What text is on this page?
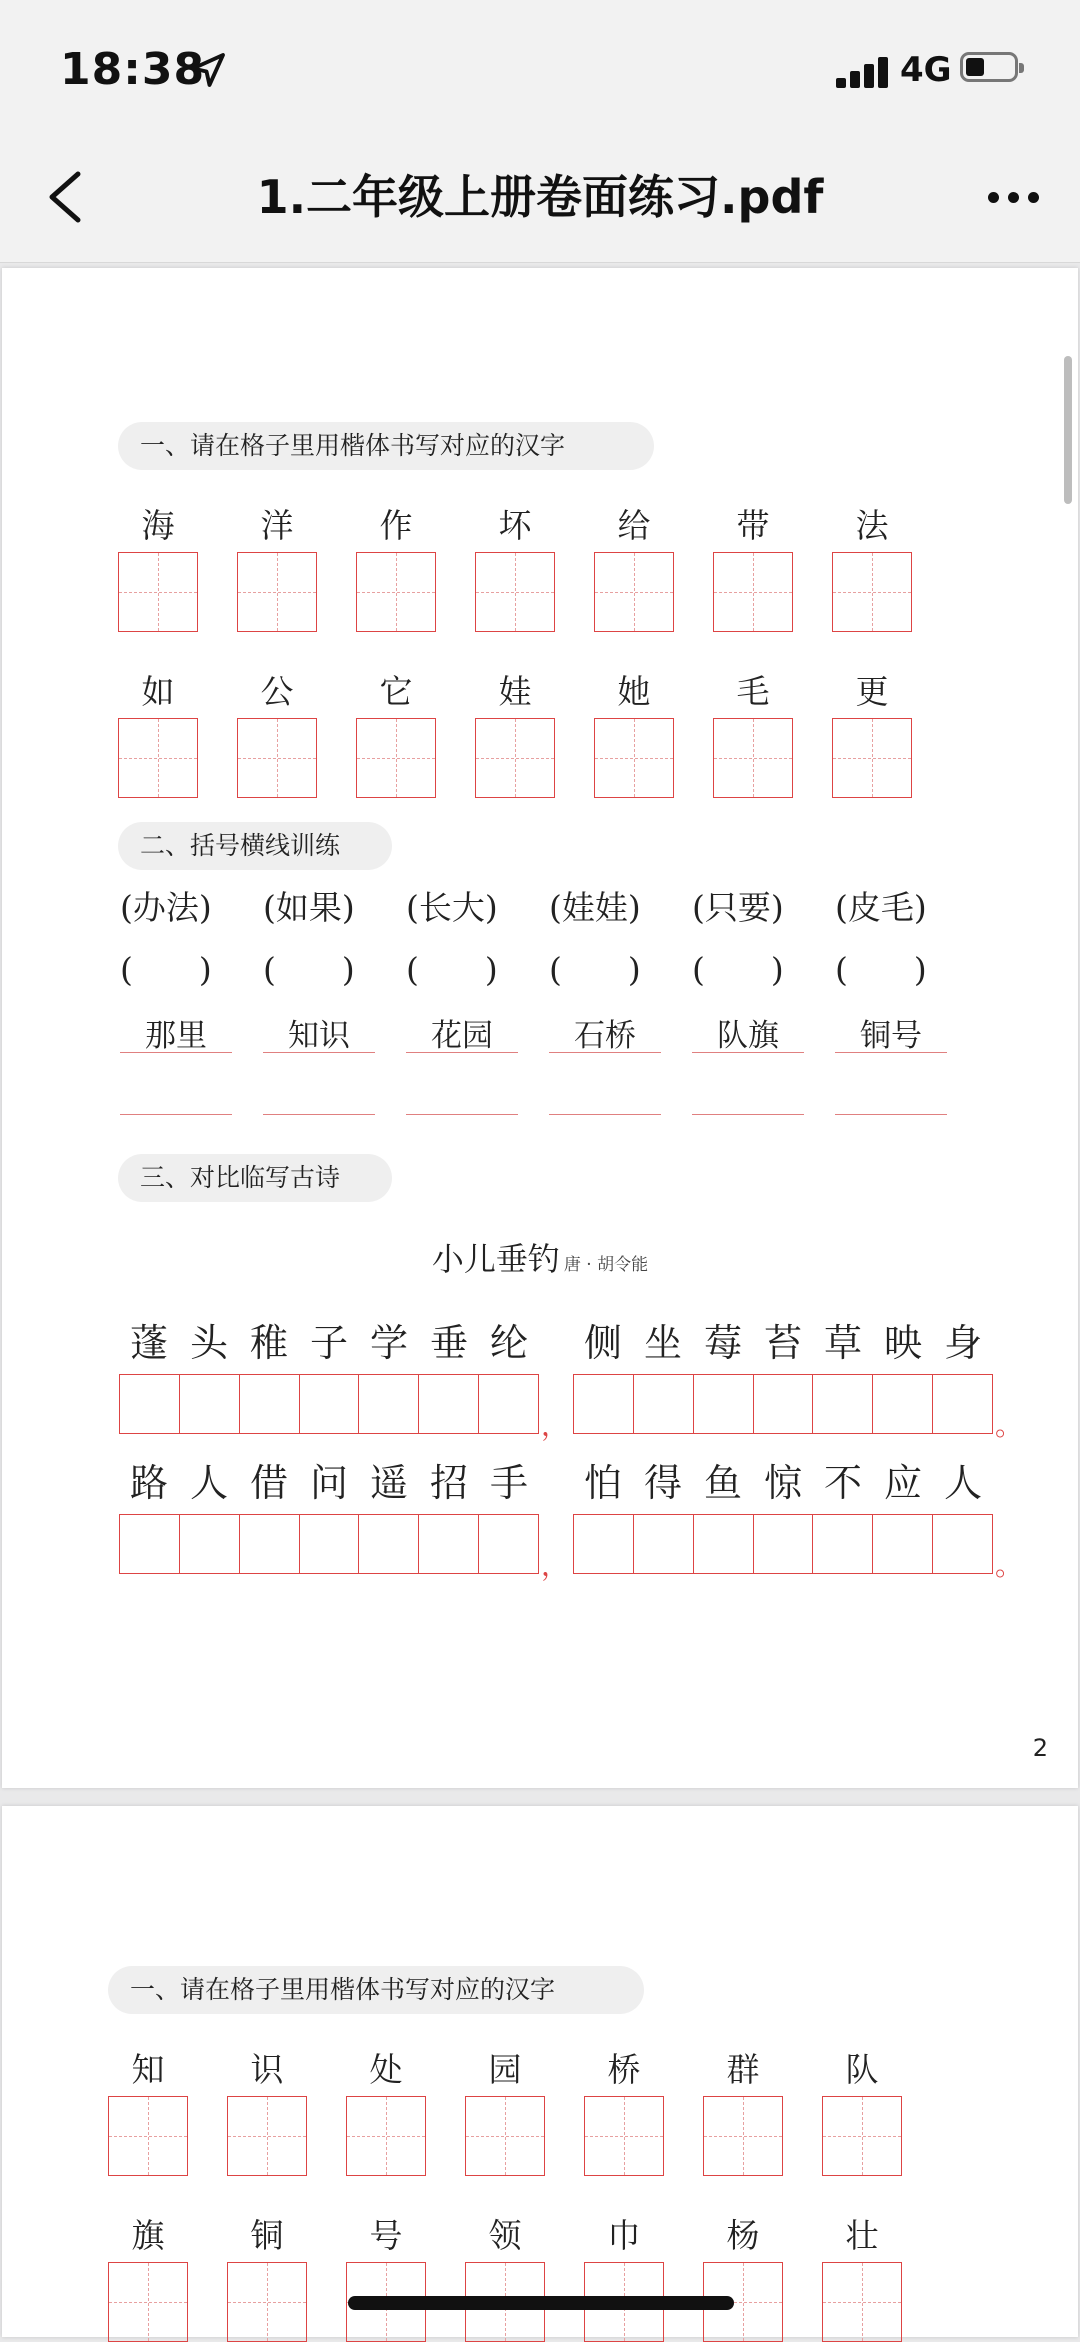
18:38	4G
1.二年级上册卷面练习.pdf
一、请在格子里用楷体书写对应的汉字
海	洋	作	坏	给	带	法
如	公	它	娃	她	毛	更
二、括号横线训练
(办法) (如果) (长大) (娃娃) (只要) (皮毛)
(　　) (　　) (　　) (　　) (　　) (　　)
那里	知识	花园	石桥	队旗	铜号
三、对比临写古诗
小儿垂钓 唐 · 胡令能
蓬 头 稚 子 学 垂 纶 侧 坐 莓 苔 草 映 身
，	。
路 人 借 问 遥 招 手 怕 得 鱼 惊 不 应 人
，	。
2
一、请在格子里用楷体书写对应的汉字
知	识	处	园	桥	群	队
旗	铜	号	领	巾	杨	壮
